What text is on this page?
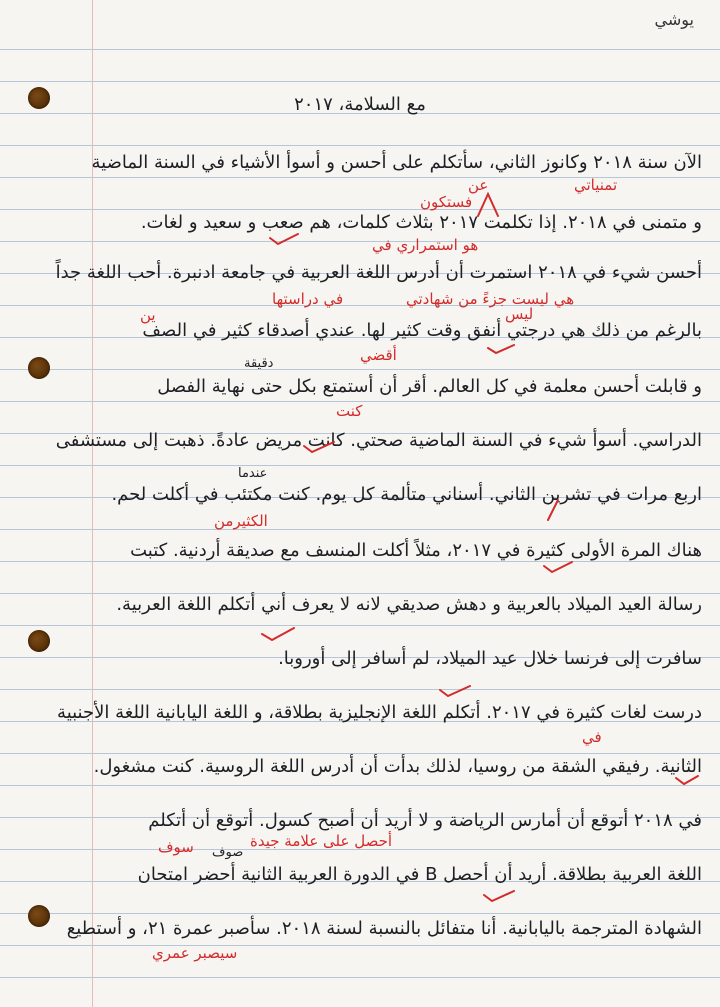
يوشي
مع السلامة، ٢٠١٧
الآن سنة ٢٠١٨ وكانوز الثاني، سأتكلم على أحسن و أسوأ الأشياء في السنة الماضية
و متمنى في ٢٠١٨. إذا تكلمت ٢٠١٧ بثلاث كلمات، هم صعب و سعيد و لغات.
أحسن شيء في ٢٠١٨ استمرت أن أدرس اللغة العربية في جامعة ادنبرة. أحب اللغة جداً
بالرغم من ذلك هي درجتي أنفق وقت كثير لها. عندي أصدقاء كثير في الصف
و قابلت أحسن معلمة في كل العالم. أقر أن أستمتع بكل حتى نهاية الفصل
الدراسي. أسوأ شيء في السنة الماضية صحتي. كانت مريض عادةً. ذهبت إلى مستشفى
اربع مرات في تشرين الثاني. أسناني متألمة كل يوم. كنت مكتئب في أكلت لحم.
هناك المرة الأولى كثيرة في ٢٠١٧، مثلاً أكلت المنسف مع صديقة أردنية. كتبت
رسالة العيد الميلاد بالعربية و دهش صديقي لانه لا يعرف أني أتكلم اللغة العربية.
سافرت إلى فرنسا خلال عيد الميلاد، لم أسافر إلى أوروبا.
درست لغات كثيرة في ٢٠١٧. أتكلم اللغة الإنجليزية بطلاقة، و اللغة اليابانية اللغة الأجنبية
الثانية. رفيقي الشقة من روسيا، لذلك بدأت أن أدرس اللغة الروسية. كنت مشغول.
في ٢٠١٨ أتوقع أن أمارس الرياضة و لا أريد أن أصبح كسول. أتوقع أن أتكلم
اللغة العربية بطلاقة. أريد أن أحصل B في الدورة العربية الثانية أحضر امتحان
الشهادة المترجمة باليابانية. أنا متفائل بالنسبة لسنة ٢٠١٨. سأصبر عمرة ٢١، و أستطيع
تمنياتي
عن
فستكون
هو استمراري في
هي ليست جزءً من شهادتي
في دراستها
ليس
ين
أقضي
دقيقة
كنت
عندما
الكثيرمن
في
أحصل على علامة جيدة
سوف صوف
سيصبر عمري
